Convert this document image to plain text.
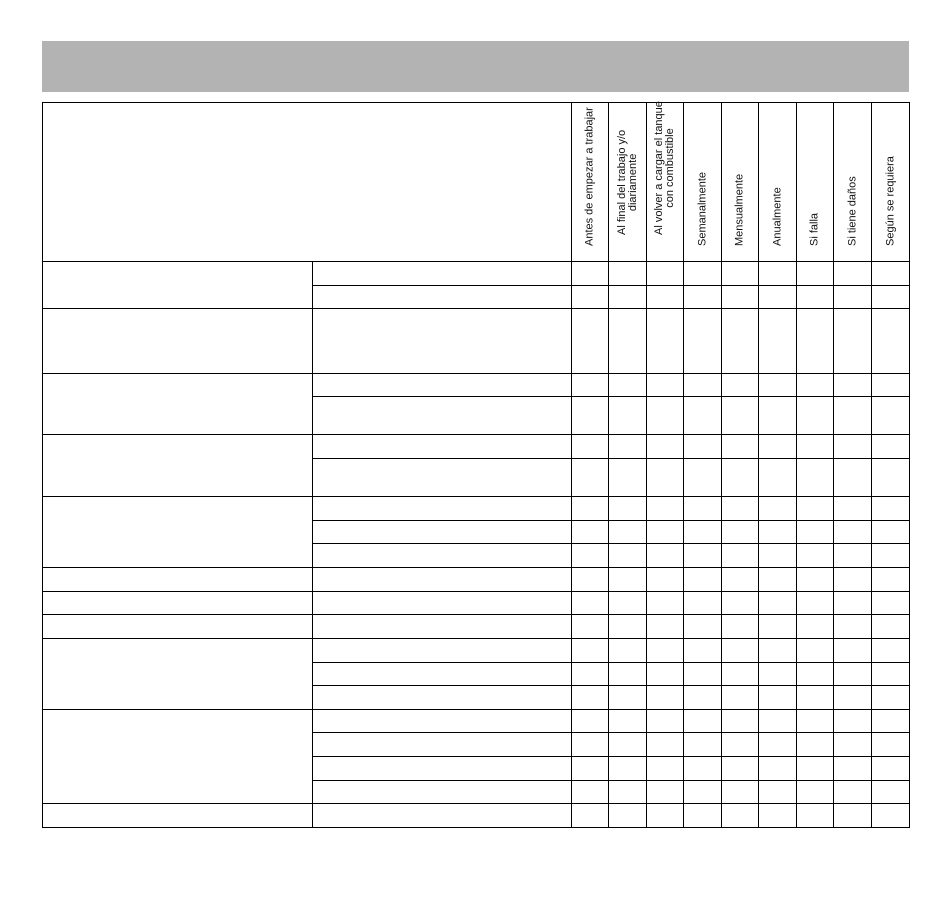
		Antes de empezar a trabajar	Al final del trabajo y/o
diariamente	Al volver a cargar el tanque
con combustible	Semanalmente	Mensualmente	Anualmente	Si falla	Si tiene daños	Según se requiera
